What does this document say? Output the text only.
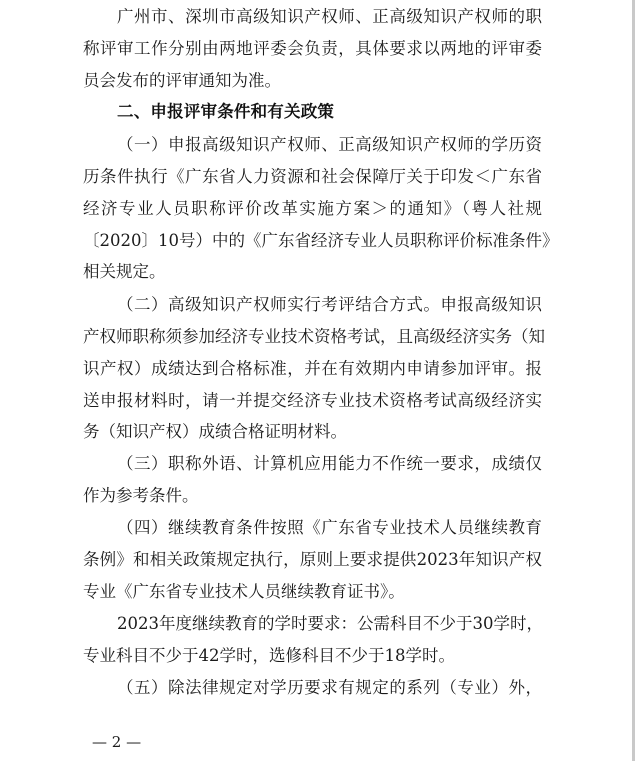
广州市、深圳市高级知识产权师、正高级知识产权师的职
称评审工作分别由两地评委会负责，具体要求以两地的评审委
员会发布的评审通知为准。
二、申报评审条件和有关政策
（一）申报高级知识产权师、正高级知识产权师的学历资
历条件执行《广东省人力资源和社会保障厅关于印发＜广东省
经济专业人员职称评价改革实施方案＞的通知》（粤人社规
〔2020〕10号）中的《广东省经济专业人员职称评价标准条件》
相关规定。
（二）高级知识产权师实行考评结合方式。申报高级知识
产权师职称须参加经济专业技术资格考试，且高级经济实务（知
识产权）成绩达到合格标准，并在有效期内申请参加评审。报
送申报材料时，请一并提交经济专业技术资格考试高级经济实
务（知识产权）成绩合格证明材料。
（三）职称外语、计算机应用能力不作统一要求，成绩仅
作为参考条件。
（四）继续教育条件按照《广东省专业技术人员继续教育
条例》和相关政策规定执行，原则上要求提供2023年知识产权
专业《广东省专业技术人员继续教育证书》。
2023年度继续教育的学时要求：公需科目不少于30学时，
专业科目不少于42学时，选修科目不少于18学时。
（五）除法律规定对学历要求有规定的系列（专业）外，
— 2 —
